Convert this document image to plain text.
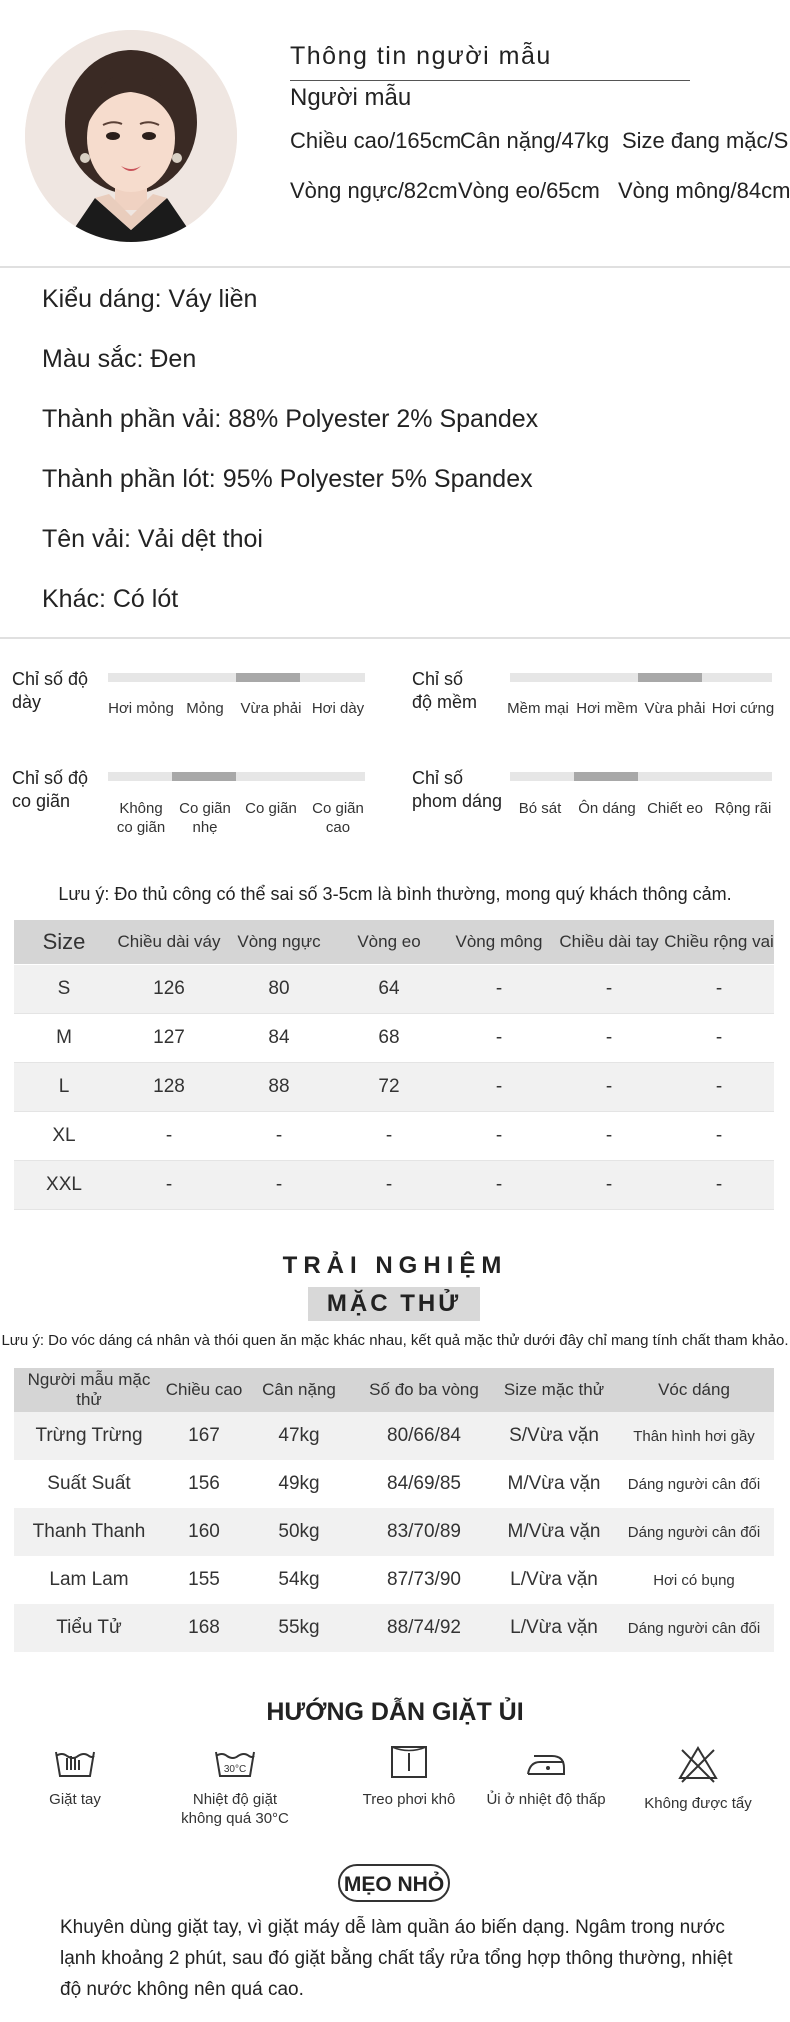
Thông tin người mẫu
Người mẫu
Chiều cao/165cm
Cân nặng/47kg Size đang mặc/S
Vòng ngực/82cm Vòng eo/65cm Vòng mông/84cm
Kiểu dáng: Váy liền
Màu sắc: Đen
Thành phần vải: 88% Polyester 2% Spandex
Thành phần lót: 95% Polyester 5% Spandex
Tên vải: Vải dệt thoi
Khác: Có lót
Chỉ số độ
dày	Hơi mỏng Mỏng	Vừa phải Hơi dày
Chỉ số
độ mềm	Mềm mại Hơi mềm Vừa phải Hơi cứng
Chỉ số độ
co giãn	Không
co giãn
Co giãn
nhẹ
Co giãn	Co giãn
cao
Chỉ số
phom dáng	Bó sát	Ôn dáng Chiết eo Rộng rãi
Lưu ý: Đo thủ công có thể sai số 3-5cm là bình thường, mong quý khách thông cảm.
Size	Chiều dài váy	Vòng ngực	Vòng eo	Vòng mông	Chiều dài tay	Chiều rộng vai
S	126	80	64	-	-	-
M	127	84	68	-	-	-
L	128	88	72	-	-	-
XL	-	-	-	-	-	-
XXL	-	-	-	-	-	-
TRẢI NGHIỆM
MẶC THỬ
Lưu ý: Do vóc dáng cá nhân và thói quen ăn mặc khác nhau, kết quả mặc thử dưới đây chỉ mang tính chất tham khảo.
Người mẫu mặc thử	Chiều cao	Cân nặng	Số đo ba vòng	Size mặc thử	Vóc dáng
Trừng Trừng	167	47kg	80/66/84	S/Vừa vặn	Thân hình hơi gầy
Suất Suất	156	49kg	84/69/85	M/Vừa vặn	Dáng người cân đối
Thanh Thanh	160	50kg	83/70/89	M/Vừa vặn	Dáng người cân đối
Lam Lam	155	54kg	87/73/90	L/Vừa vặn	Hơi có bụng
Tiểu Tử	168	55kg	88/74/92	L/Vừa vặn	Dáng người cân đối
HƯỚNG DẪN GIẶT ỦI
Giặt tay
30°C
Nhiệt độ giặt
không quá 30°C
Treo phơi khô	Ủi ở nhiệt độ thấp	Không được tẩy
MẸO NHỎ
Khuyên dùng giặt tay, vì giặt máy dễ làm quần áo biến dạng. Ngâm trong nước lạnh khoảng 2 phút, sau đó giặt bằng chất tẩy rửa tổng hợp thông thường, nhiệt độ nước không nên quá cao.
